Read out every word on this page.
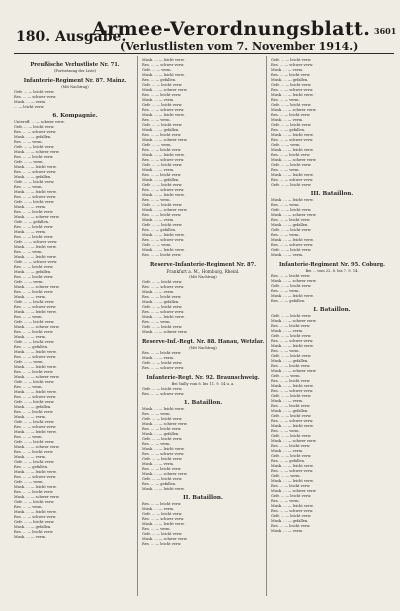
180. Ausgabe.
Armee-Verordnungsblatt.
(Verlustlisten vom 7. November 1914.)
3601
Preußische Verlustliste Nr. 71.
(Fortsetzung der Liste)
Infanterie-Regiment Nr. 87. Mainz.
(Mit Nachtrag)
Gefr. ... — leicht verw.
Res. ... — schwer verw.
Musk. ... — verm.
... — leicht verw.
6. Kompagnie.
Unteroff. ... — schwer verw.
Gefr. ... — leicht verw.
Res. ... — schwer verw.
Musk. ... — gefallen.
Res. ... — verm.
Gefr. ... — leicht verw.
Musk. ... — schwer verw.
Res. ... — leicht verw.
Gefr. ... — verm.
Musk. ... — leicht verw.
Res. ... — schwer verw.
Musk. ... — gefallen.
Gefr. ... — leicht verw.
Res. ... — verm.
Musk. ... — leicht verw.
Res. ... — schwer verw.
Gefr. ... — leicht verw.
Musk. ... — verm.
Res. ... — leicht verw.
Musk. ... — schwer verw.
Gefr. ... — gefallen.
Res. ... — leicht verw.
Musk. ... — verm.
Res. ... — leicht verw.
Gefr. ... — schwer verw.
Musk. ... — leicht verw.
Res. ... — verm.
Musk. ... — leicht verw.
Gefr. ... — schwer verw.
Res. ... — leicht verw.
Musk. ... — gefallen.
Res. ... — leicht verw.
Gefr. ... — verm.
Musk. ... — schwer verw.
Res. ... — leicht verw.
Musk. ... — verm.
Gefr. ... — leicht verw.
Res. ... — schwer verw.
Musk. ... — leicht verw.
Res. ... — verm.
Gefr. ... — leicht verw.
Musk. ... — schwer verw.
Res. ... — leicht verw.
Musk. ... — verm.
Gefr. ... — leicht verw.
Res. ... — gefallen.
Musk. ... — leicht verw.
Res. ... — schwer verw.
Gefr. ... — verm.
Musk. ... — leicht verw.
Res. ... — leicht verw.
Musk. ... — schwer verw.
Gefr. ... — leicht verw.
Res. ... — verm.
Musk. ... — leicht verw.
Res. ... — schwer verw.
Gefr. ... — leicht verw.
Musk. ... — gefallen.
Res. ... — leicht verw.
Musk. ... — verm.
Gefr. ... — leicht verw.
Res. ... — schwer verw.
Musk. ... — leicht verw.
Res. ... — verm.
Gefr. ... — leicht verw.
Musk. ... — schwer verw.
Res. ... — leicht verw.
Musk. ... — verm.
Gefr. ... — leicht verw.
Res. ... — gefallen.
Musk. ... — leicht verw.
Res. ... — schwer verw.
Gefr. ... — verm.
Musk. ... — leicht verw.
Res. ... — leicht verw.
Musk. ... — schwer verw.
Gefr. ... — leicht verw.
Res. ... — verm.
Musk. ... — leicht verw.
Res. ... — schwer verw.
Gefr. ... — leicht verw.
Musk. ... — gefallen.
Res. ... — leicht verw.
Musk. ... — verm.
Musk. ... — leicht verw.
Res. ... — schwer verw.
Gefr. ... — verm.
Musk. ... — leicht verw.
Res. ... — gefallen.
Gefr. ... — leicht verw.
Musk. ... — schwer verw.
Res. ... — leicht verw.
Musk. ... — verm.
Gefr. ... — leicht verw.
Res. ... — schwer verw.
Musk. ... — leicht verw.
Res. ... — verm.
Gefr. ... — leicht verw.
Musk. ... — gefallen.
Res. ... — leicht verw.
Musk. ... — schwer verw.
Gefr. ... — verm.
Res. ... — leicht verw.
Musk. ... — leicht verw.
Res. ... — schwer verw.
Gefr. ... — leicht verw.
Musk. ... — verm.
Res. ... — leicht verw.
Musk. ... — gefallen.
Gefr. ... — leicht verw.
Res. ... — schwer verw.
Musk. ... — leicht verw.
Res. ... — verm.
Gefr. ... — leicht verw.
Musk. ... — schwer verw.
Res. ... — leicht verw.
Musk. ... — verm.
Gefr. ... — leicht verw.
Res. ... — gefallen.
Musk. ... — leicht verw.
Res. ... — schwer verw.
Gefr. ... — verm.
Musk. ... — leicht verw.
Res. ... — leicht verw.
Reserve-Infanterie-Regiment Nr. 87.
Frankfurt a. M., Homburg, Rheinl.
(Mit Nachtrag)
Gefr. ... — leicht verw.
Res. ... — schwer verw.
Musk. ... — verm.
Res. ... — leicht verw.
Musk. ... — gefallen.
Gefr. ... — leicht verw.
Res. ... — schwer verw.
Musk. ... — leicht verw.
Res. ... — verm.
Gefr. ... — leicht verw.
Musk. ... — schwer verw.
Reserve-Inf.-Regt. Nr. 88. Hanau, Wetzlar.
(Mit Nachtrag)
Res. ... — leicht verw.
Musk. ... — verm.
Gefr. ... — leicht verw.
Res. ... — schwer verw.
Infanterie-Regt. Nr. 92. Braunschweig.
Bei Vailly vom 8. bis 11. 9. 14 u. a.
Gefr. ... — leicht verw.
Res. ... — schwer verw.
1. Bataillon.
Musk. ... — leicht verw.
Res. ... — verm.
Gefr. ... — leicht verw.
Musk. ... — schwer verw.
Res. ... — leicht verw.
Musk. ... — gefallen.
Gefr. ... — leicht verw.
Res. ... — verm.
Musk. ... — leicht verw.
Res. ... — schwer verw.
Gefr. ... — leicht verw.
Musk. ... — verm.
Res. ... — leicht verw.
Musk. ... — schwer verw.
Gefr. ... — leicht verw.
Res. ... — gefallen.
Musk. ... — leicht verw.
II. Bataillon.
Res. ... — leicht verw.
Musk. ... — verm.
Gefr. ... — leicht verw.
Res. ... — schwer verw.
Musk. ... — leicht verw.
Res. ... — verm.
Gefr. ... — leicht verw.
Musk. ... — schwer verw.
Res. ... — leicht verw.
Gefr. ... — leicht verw.
Res. ... — schwer verw.
Musk. ... — verm.
Res. ... — leicht verw.
Musk. ... — gefallen.
Gefr. ... — leicht verw.
Res. ... — schwer verw.
Musk. ... — leicht verw.
Res. ... — verm.
Gefr. ... — leicht verw.
Musk. ... — schwer verw.
Res. ... — leicht verw.
Musk. ... — verm.
Gefr. ... — leicht verw.
Res. ... — gefallen.
Musk. ... — leicht verw.
Res. ... — schwer verw.
Gefr. ... — verm.
Musk. ... — leicht verw.
Res. ... — leicht verw.
Musk. ... — schwer verw.
Gefr. ... — leicht verw.
Res. ... — verm.
Musk. ... — leicht verw.
Res. ... — schwer verw.
Gefr. ... — leicht verw.
III. Bataillon.
Musk. ... — leicht verw.
Res. ... — verm.
Gefr. ... — leicht verw.
Musk. ... — schwer verw.
Res. ... — leicht verw.
Musk. ... — gefallen.
Gefr. ... — leicht verw.
Res. ... — verm.
Musk. ... — leicht verw.
Res. ... — schwer verw.
Gefr. ... — leicht verw.
Musk. ... — verm.
Infanterie-Regiment Nr. 95. Coburg.
Bei ... vom 22. 8. bis 7. 9. 14.
Res. ... — leicht verw.
Musk. ... — schwer verw.
Gefr. ... — leicht verw.
Res. ... — verm.
Musk. ... — leicht verw.
Res. ... — gefallen.
I. Bataillon.
Gefr. ... — leicht verw.
Musk. ... — schwer verw.
Res. ... — leicht verw.
Musk. ... — verm.
Gefr. ... — leicht verw.
Res. ... — schwer verw.
Musk. ... — leicht verw.
Res. ... — verm.
Gefr. ... — leicht verw.
Musk. ... — gefallen.
Res. ... — leicht verw.
Musk. ... — schwer verw.
Gefr. ... — verm.
Res. ... — leicht verw.
Musk. ... — leicht verw.
Res. ... — schwer verw.
Gefr. ... — leicht verw.
Musk. ... — verm.
Res. ... — leicht verw.
Musk. ... — gefallen.
Gefr. ... — leicht verw.
Res. ... — schwer verw.
Musk. ... — leicht verw.
Res. ... — verm.
Gefr. ... — leicht verw.
Musk. ... — schwer verw.
Res. ... — leicht verw.
Musk. ... — verm.
Gefr. ... — leicht verw.
Res. ... — gefallen.
Musk. ... — leicht verw.
Res. ... — schwer verw.
Gefr. ... — verm.
Musk. ... — leicht verw.
Res. ... — leicht verw.
Musk. ... — schwer verw.
Gefr. ... — leicht verw.
Res. ... — verm.
Musk. ... — leicht verw.
Res. ... — schwer verw.
Gefr. ... — leicht verw.
Musk. ... — gefallen.
Res. ... — leicht verw.
Musk. ... — verm.
